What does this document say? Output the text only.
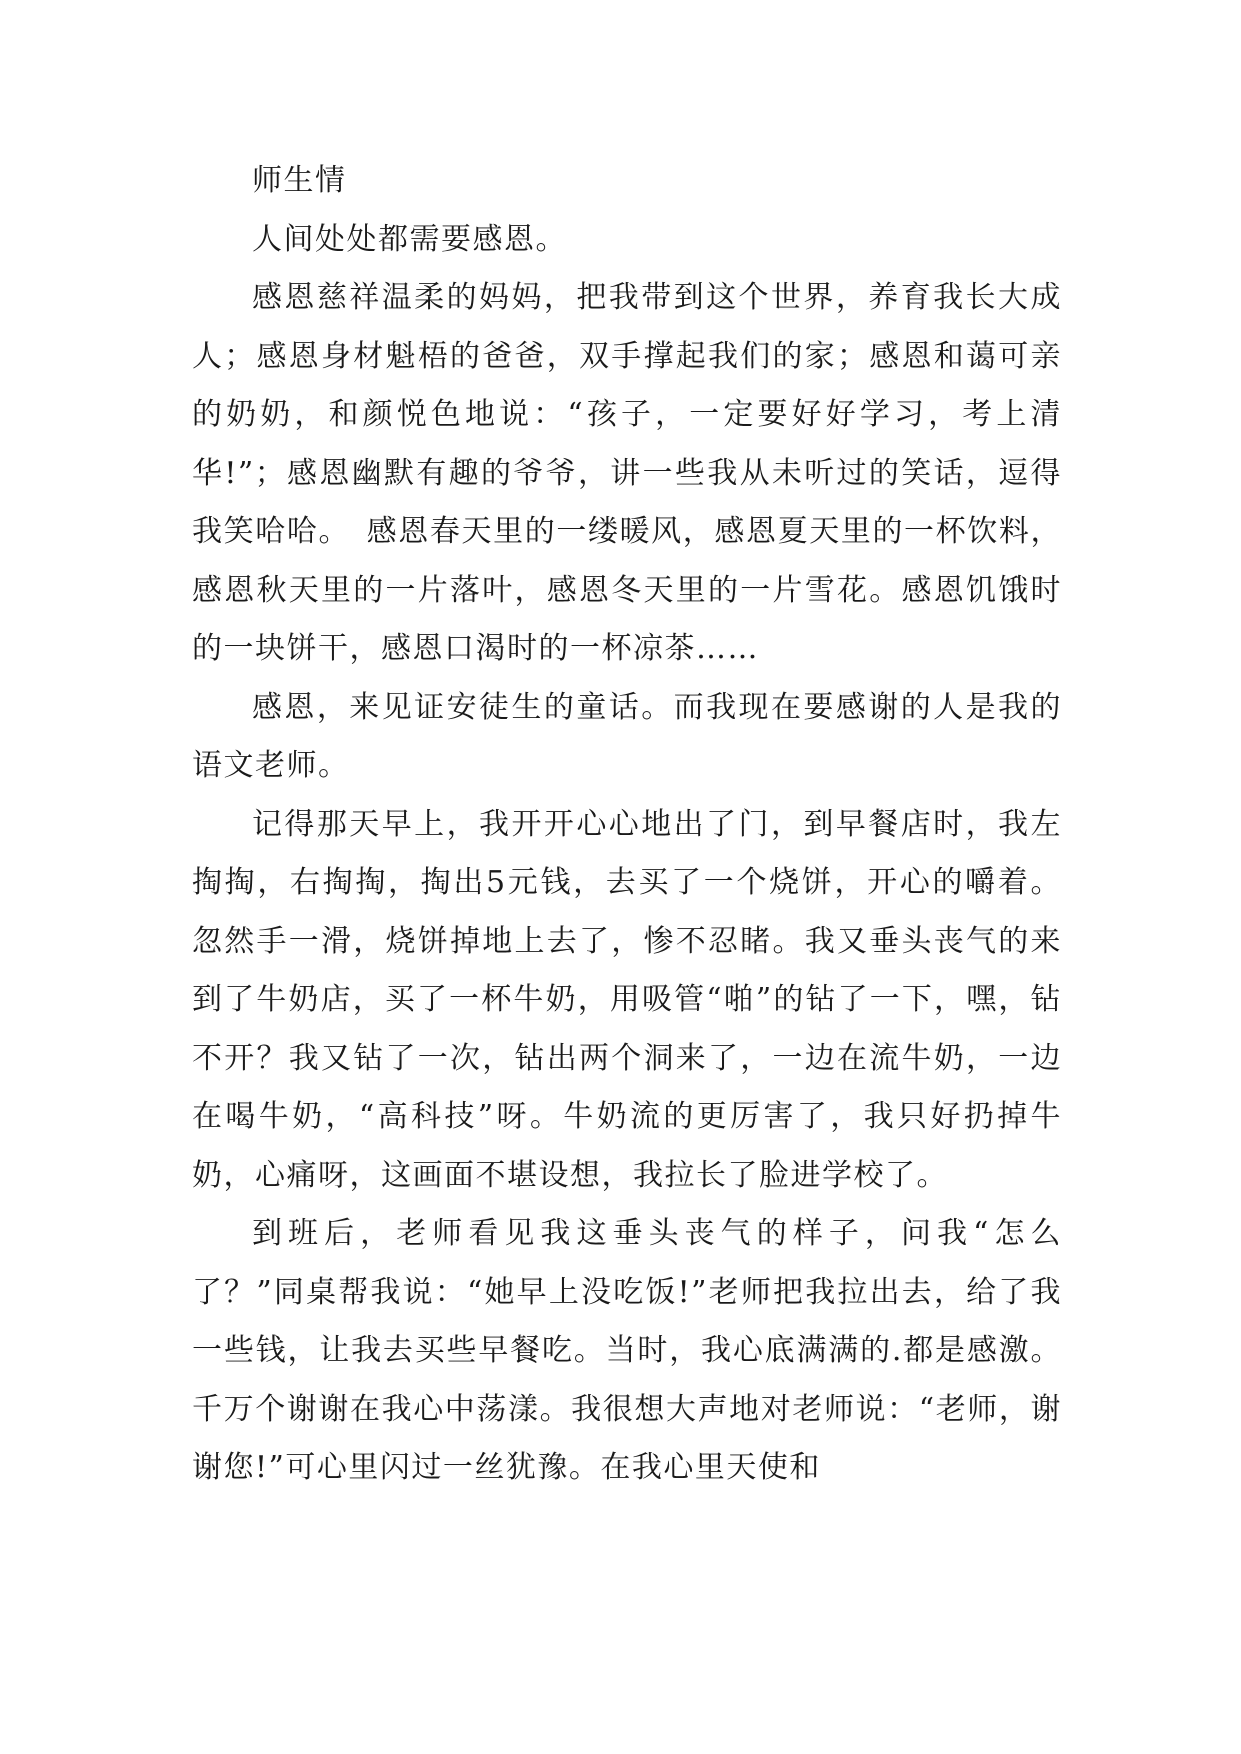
师生情

人间处处都需要感恩。

感恩慈祥温柔的妈妈，把我带到这个世界，养育我长大成人；感恩身材魁梧的爸爸，双手撑起我们的家；感恩和蔼可亲的奶奶，和颜悦色地说：“孩子，一定要好好学习，考上清华!”；感恩幽默有趣的爷爷，讲一些我从未听过的笑话，逗得我笑哈哈。　感恩春天里的一缕暖风，感恩夏天里的一杯饮料，感恩秋天里的一片落叶，感恩冬天里的一片雪花。感恩饥饿时的一块饼干，感恩口渴时的一杯凉茶……

感恩，来见证安徒生的童话。而我现在要感谢的人是我的语文老师。

记得那天早上，我开开心心地出了门，到早餐店时，我左掏掏，右掏掏，掏出5元钱，去买了一个烧饼，开心的嚼着。忽然手一滑，烧饼掉地上去了，惨不忍睹。我又垂头丧气的来到了牛奶店，买了一杯牛奶，用吸管“啪”的钻了一下，嘿，钻不开？我又钻了一次，钻出两个洞来了，一边在流牛奶，一边在喝牛奶，“高科技”呀。牛奶流的更厉害了，我只好扔掉牛奶，心痛呀，这画面不堪设想，我拉长了脸进学校了。

到班后，老师看见我这垂头丧气的样子，问我“怎么了？”同桌帮我说：“她早上没吃饭!”老师把我拉出去，给了我一些钱，让我去买些早餐吃。当时，我心底满满的.都是感激。千万个谢谢在我心中荡漾。我很想大声地对老师说：“老师，谢谢您!”可心里闪过一丝犹豫。在我心里天使和
